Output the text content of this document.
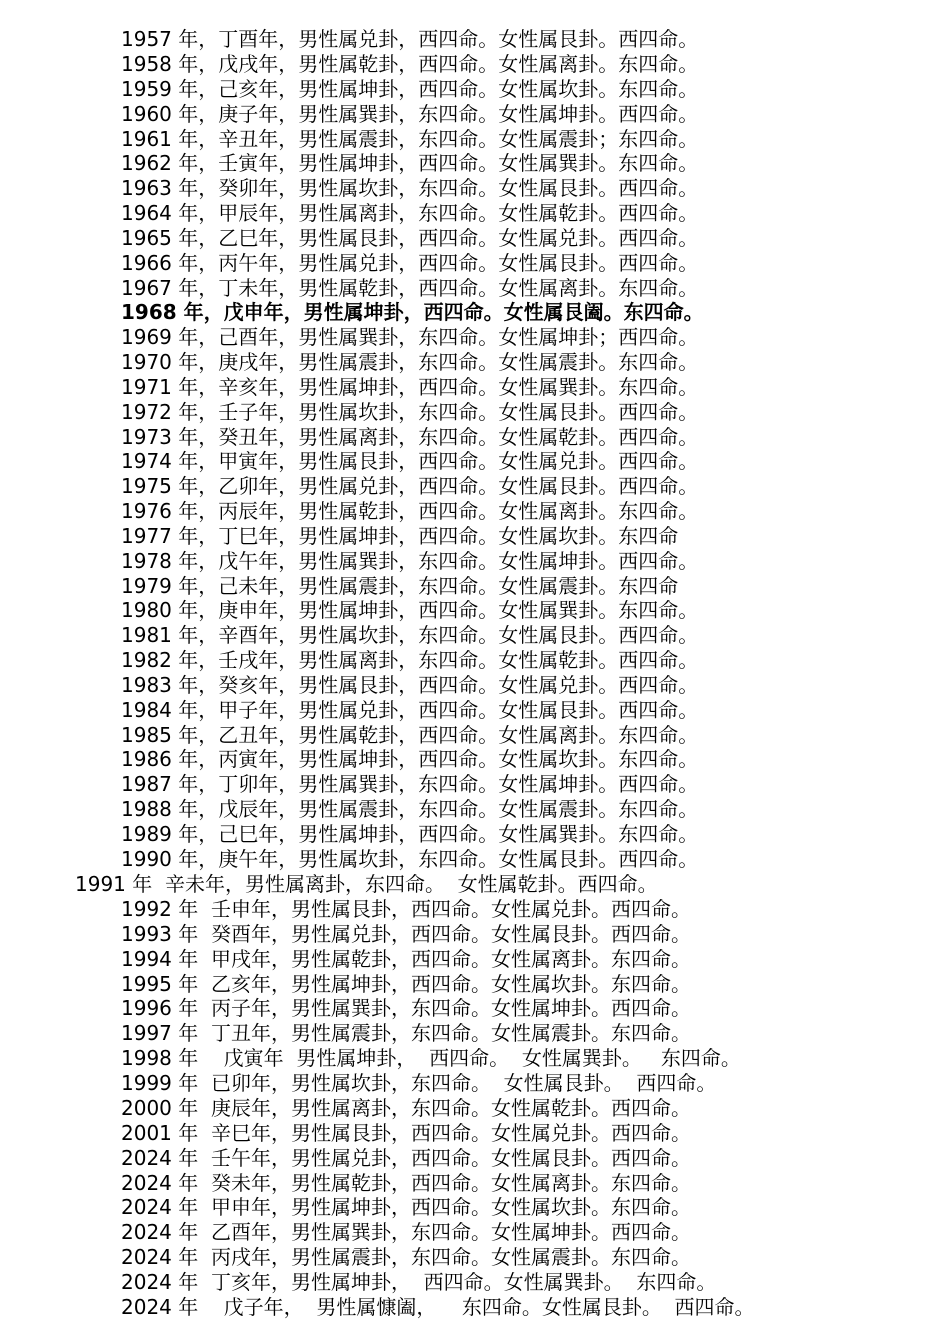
1957 年，丁酉年，男性属兑卦，西四命。女性属艮卦。西四命。
1958 年，戊戌年，男性属乾卦，西四命。女性属离卦。东四命。
1959 年，己亥年，男性属坤卦，西四命。女性属坎卦。东四命。
1960 年，庚子年，男性属巽卦，东四命。女性属坤卦。西四命。
1961 年，辛丑年，男性属震卦，东四命。女性属震卦；东四命。
1962 年，壬寅年，男性属坤卦，西四命。女性属巽卦。东四命。
1963 年，癸卯年，男性属坎卦，东四命。女性属艮卦。西四命。
1964 年，甲辰年，男性属离卦，东四命。女性属乾卦。西四命。
1965 年，乙巳年，男性属艮卦，西四命。女性属兑卦。西四命。
1966 年，丙午年，男性属兑卦，西四命。女性属艮卦。西四命。
1967 年，丁未年，男性属乾卦，西四命。女性属离卦。东四命。
1968 年，戊申年，男性属坤卦，西四命。女性属艮阖。东四命。
1969 年，己酉年，男性属巽卦，东四命。女性属坤卦；西四命。
1970 年，庚戌年，男性属震卦，东四命。女性属震卦。东四命。
1971 年，辛亥年，男性属坤卦，西四命。女性属巽卦。东四命。
1972 年，壬子年，男性属坎卦，东四命。女性属艮卦。西四命。
1973 年，癸丑年，男性属离卦，东四命。女性属乾卦。西四命。
1974 年，甲寅年，男性属艮卦，西四命。女性属兑卦。西四命。
1975 年，乙卯年，男性属兑卦，西四命。女性属艮卦。西四命。
1976 年，丙辰年，男性属乾卦，西四命。女性属离卦。东四命。
1977 年，丁巳年，男性属坤卦，西四命。女性属坎卦。东四命
1978 年，戊午年，男性属巽卦，东四命。女性属坤卦。西四命。
1979 年，己未年，男性属震卦，东四命。女性属震卦。东四命
1980 年，庚申年，男性属坤卦，西四命。女性属巽卦。东四命。
1981 年，辛酉年，男性属坎卦，东四命。女性属艮卦。西四命。
1982 年，壬戌年，男性属离卦，东四命。女性属乾卦。西四命。
1983 年，癸亥年，男性属艮卦，西四命。女性属兑卦。西四命。
1984 年，甲子年，男性属兑卦，西四命。女性属艮卦。西四命。
1985 年，乙丑年，男性属乾卦，西四命。女性属离卦。东四命。
1986 年，丙寅年，男性属坤卦，西四命。女性属坎卦。东四命。
1987 年，丁卯年，男性属巽卦，东四命。女性属坤卦。西四命。
1988 年，戊辰年，男性属震卦，东四命。女性属震卦。东四命。
1989 年，己巳年，男性属坤卦，西四命。女性属巽卦。东四命。
1990 年，庚午年，男性属坎卦，东四命。女性属艮卦。西四命。
1991 年  辛未年，男性属离卦，东四命。  女性属乾卦。西四命。
1992 年  壬申年，男性属艮卦，西四命。女性属兑卦。西四命。
1993 年  癸酉年，男性属兑卦，西四命。女性属艮卦。西四命。
1994 年  甲戌年，男性属乾卦，西四命。女性属离卦。东四命。
1995 年  乙亥年，男性属坤卦，西四命。女性属坎卦。东四命。
1996 年  丙子年，男性属巽卦，东四命。女性属坤卦。西四命。
1997 年  丁丑年，男性属震卦，东四命。女性属震卦。东四命。
1998 年    戊寅年  男性属坤卦，  西四命。  女性属巽卦。   东四命。
1999 年  已卯年，男性属坎卦，东四命。  女性属艮卦。  西四命。
2000 年  庚辰年，男性属离卦，东四命。女性属乾卦。西四命。
2001 年  辛巳年，男性属艮卦，西四命。女性属兑卦。西四命。
2024 年  壬午年，男性属兑卦，西四命。女性属艮卦。西四命。
2024 年  癸未年，男性属乾卦，西四命。女性属离卦。东四命。
2024 年  甲申年，男性属坤卦，西四命。女性属坎卦。东四命。
2024 年  乙酉年，男性属巽卦，东四命。女性属坤卦。西四命。
2024 年  丙戌年，男性属震卦，东四命。女性属震卦。东四命。
2024 年  丁亥年，男性属坤卦，  西四命。女性属巽卦。  东四命。
2024 年    戊子年，  男性属慷阖，    东四命。女性属艮卦。  西四命。
